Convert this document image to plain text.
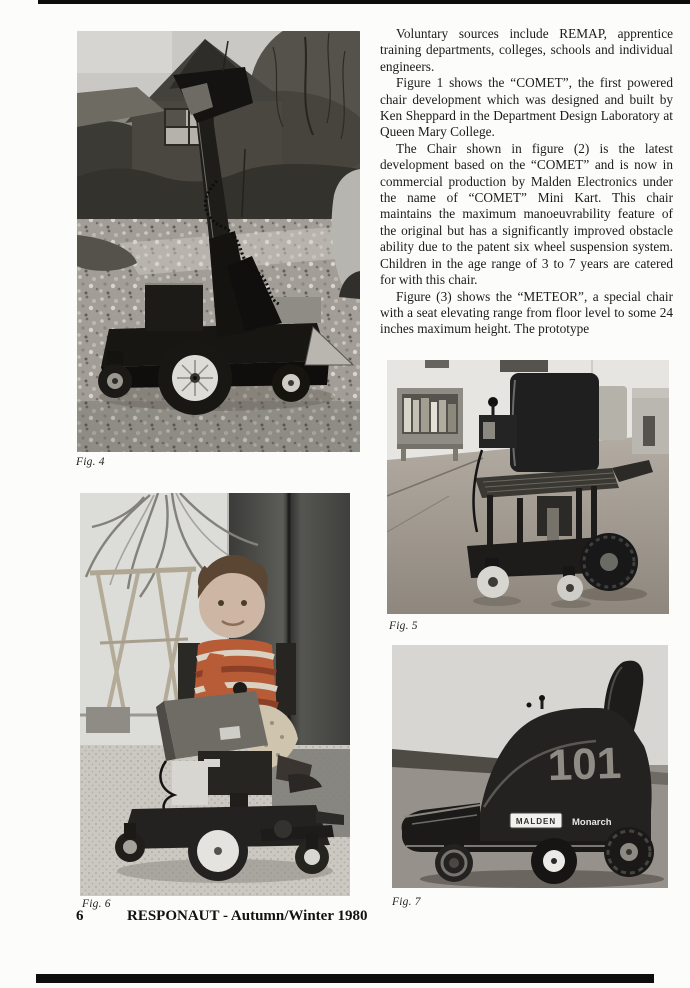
Voluntary sources include REMAP, apprentice training departments, colleges, schools and individual engineers.

Figure 1 shows the “COMET”, the first powered chair development which was designed and built by Ken Sheppard in the Department Design Laboratory at Queen Mary College.

The Chair shown in figure (2) is the latest development based on the “COMET” and is now in commercial production by Malden Electronics under the name of “COMET” Mini Kart. This chair maintains the maximum manoeuvrability feature of the original but has a significantly improved obstacle ability due to the patent six wheel suspension system. Children in the age range of 3 to 7 years are catered for with this chair.

Figure (3) shows the “METEOR”, a special chair with a seat elevating range from floor level to some 24 inches maximum height. The prototype

101
MALDEN Monarch
Fig. 4
Fig. 5
Fig. 6	Fig. 7
6	RESPONAUT - Autumn/Winter 1980
